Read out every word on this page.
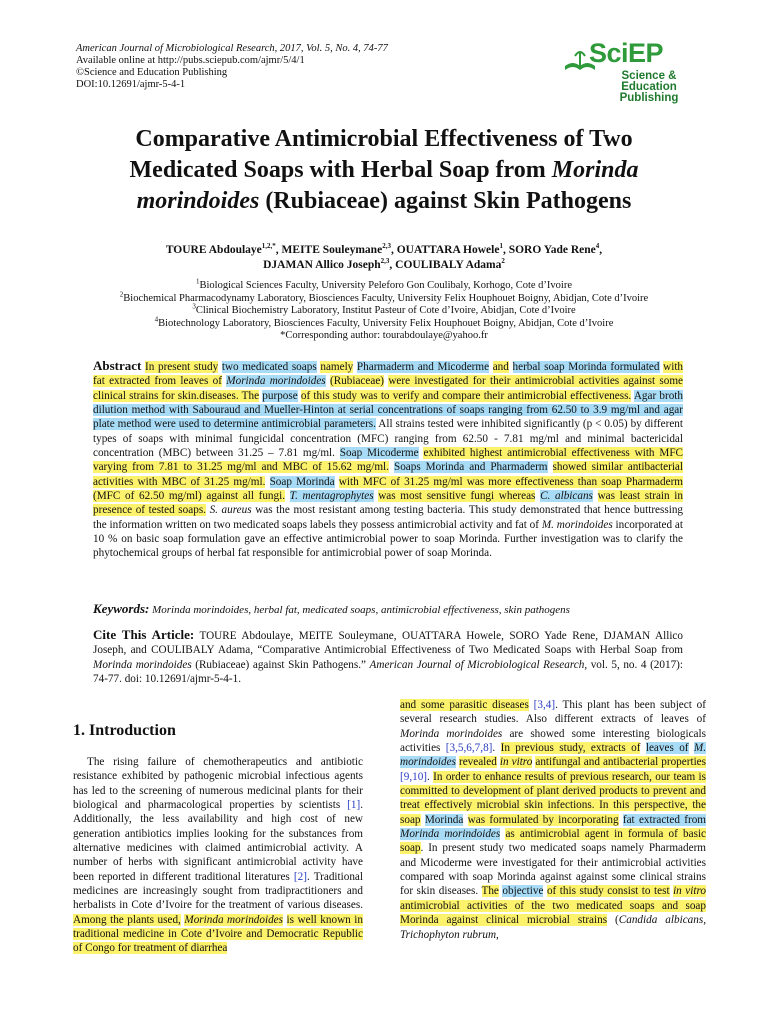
American Journal of Microbiological Research, 2017, Vol. 5, No. 4, 74-77
Available online at http://pubs.sciepub.com/ajmr/5/4/1
©Science and Education Publishing
DOI:10.12691/ajmr-5-4-1
SciEP
Science & Education
Publishing
Comparative Antimicrobial Effectiveness of Two
Medicated Soaps with Herbal Soap from Morinda
morindoides (Rubiaceae) against Skin Pathogens
TOURE Abdoulaye$^{1,2,*}$, MEITE Souleymane$^{2,3}$, OUATTARA Howele$^1$, SORO Yade Rene$^4$,
DJAMAN Allico Joseph$^{2,3}$, COULIBALY Adama$^2$
$^1$Biological Sciences Faculty, University Peleforo Gon Coulibaly, Korhogo, Cote d’Ivoire
$^2$Biochemical Pharmacodynamy Laboratory, Biosciences Faculty, University Felix Houphouet Boigny, Abidjan, Cote d’Ivoire
$^3$Clinical Biochemistry Laboratory, Institut Pasteur of Cote d’Ivoire, Abidjan, Cote d’Ivoire
$^4$Biotechnology Laboratory, Biosciences Faculty, University Felix Houphouet Boigny, Abidjan, Cote d’Ivoire
*Corresponding author: tourabdoulaye@yahoo.fr
Abstract In present study two medicated soaps namely Pharmaderm and Micoderme and herbal soap Morinda formulated with fat extracted from leaves of Morinda morindoides (Rubiaceae) were investigated for their antimicrobial activities against some clinical strains for skin.diseases. The purpose of this study was to verify and compare their antimicrobial effectiveness. Agar broth dilution method with Sabouraud and Mueller-Hinton at serial concentrations of soaps ranging from 62.50 to 3.9 mg/ml and agar plate method were used to determine antimicrobial parameters. All strains tested were inhibited significantly (p < 0.05) by different types of soaps with minimal fungicidal concentration (MFC) ranging from 62.50 - 7.81 mg/ml and minimal bactericidal concentration (MBC) between 31.25 – 7.81 mg/ml. Soap Micoderme exhibited highest antimicrobial effectiveness with MFC varying from 7.81 to 31.25 mg/ml and MBC of 15.62 mg/ml. Soaps Morinda and Pharmaderm showed similar antibacterial activities with MBC of 31.25 mg/ml. Soap Morinda with MFC of 31.25 mg/ml was more effectiveness than soap Pharmaderm (MFC of 62.50 mg/ml) against all fungi. T. mentagrophytes was most sensitive fungi whereas C. albicans was least strain in presence of tested soaps. S. aureus was the most resistant among testing bacteria. This study demonstrated that hence buttressing the information written on two medicated soaps labels they possess antimicrobial activity and fat of M. morindoides incorporated at 10 % on basic soap formulation gave an effective antimicrobial power to soap Morinda. Further investigation was to clarify the phytochemical groups of herbal fat responsible for antimicrobial power of soap Morinda.
Keywords: Morinda morindoides, herbal fat, medicated soaps, antimicrobial effectiveness, skin pathogens
Cite This Article: TOURE Abdoulaye, MEITE Souleymane, OUATTARA Howele, SORO Yade Rene, DJAMAN Allico Joseph, and COULIBALY Adama, “Comparative Antimicrobial Effectiveness of Two Medicated Soaps with Herbal Soap from Morinda morindoides (Rubiaceae) against Skin Pathogens.” American Journal of Microbiological Research, vol. 5, no. 4 (2017): 74-77. doi: 10.12691/ajmr-5-4-1.
1. Introduction
The rising failure of chemotherapeutics and antibiotic resistance exhibited by pathogenic microbial infectious agents has led to the screening of numerous medicinal plants for their biological and pharmacological properties by scientists [1]. Additionally, the less availability and high cost of new generation antibiotics implies looking for the substances from alternative medicines with claimed antimicrobial activity. A number of herbs with significant antimicrobial activity have been reported in different traditional literatures [2]. Traditional medicines are increasingly sought from tradipractitioners and herbalists in Cote d’Ivoire for the treatment of various diseases. Among the plants used, Morinda morindoides is well known in traditional medicine in Cote d’Ivoire and Democratic Republic of Congo for treatment of diarrhea
and some parasitic diseases [3,4]. This plant has been subject of several research studies. Also different extracts of leaves of Morinda morindoides are showed some interesting biologicals activities [3,5,6,7,8]. In previous study, extracts of leaves of M. morindoides revealed in vitro antifungal and antibacterial properties [9,10]. In order to enhance results of previous research, our team is committed to development of plant derived products to prevent and treat effectively microbial skin infections. In this perspective, the soap Morinda was formulated by incorporating fat extracted from Morinda morindoides as antimicrobial agent in formula of basic soap. In present study two medicated soaps namely Pharmaderm and Micoderme were investigated for their antimicrobial activities compared with soap Morinda against against some clinical strains for skin diseases. The objective of this study consist to test in vitro antimicrobial activities of the two medicated soaps and soap Morinda against clinical microbial strains (Candida albicans, Trichophyton rubrum,
